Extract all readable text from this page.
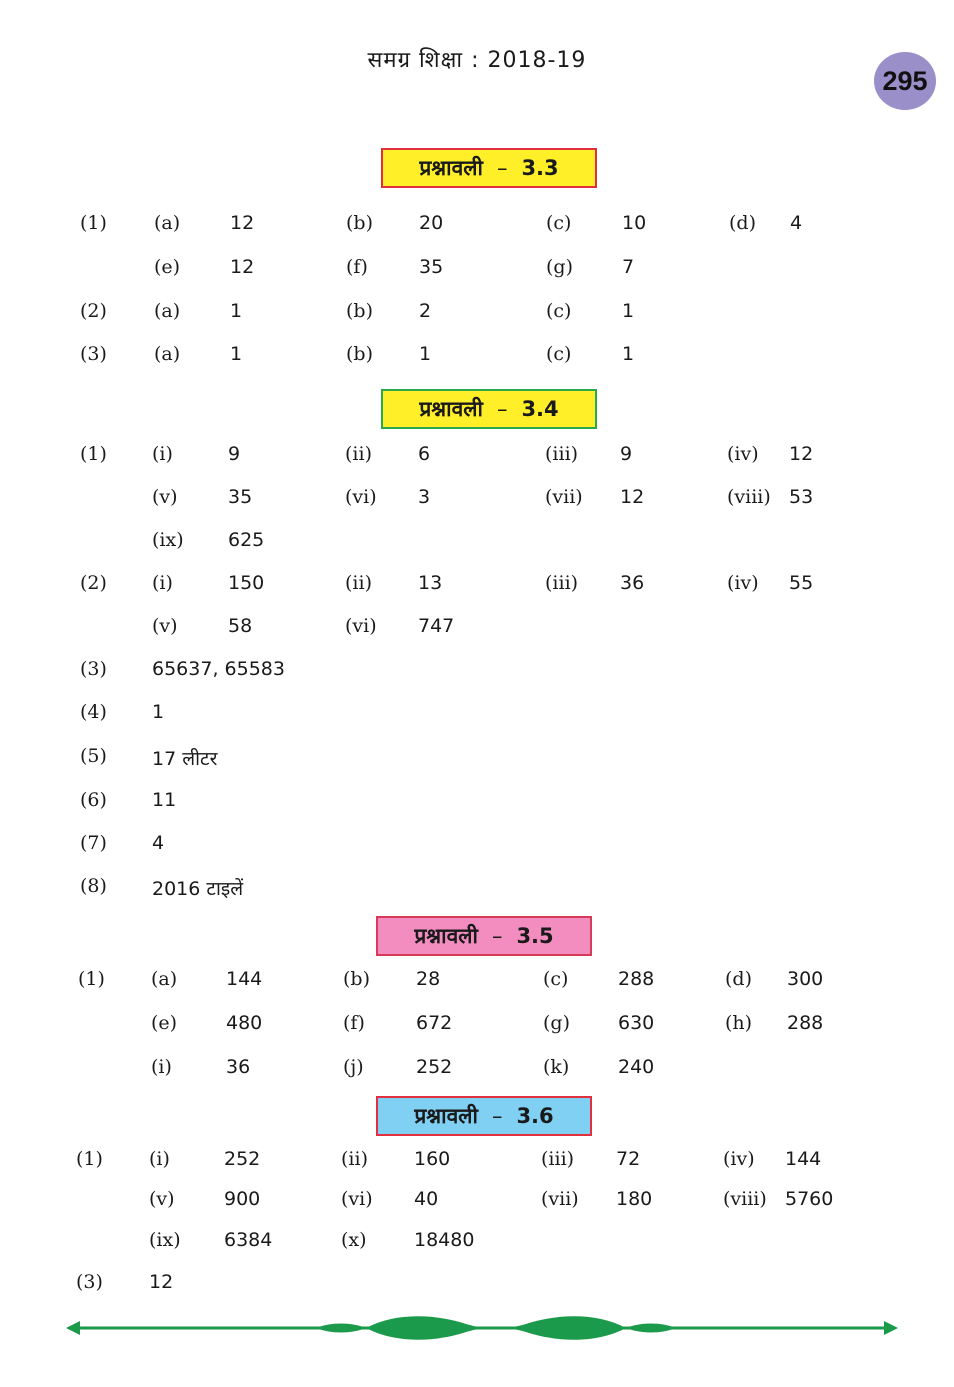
समग्र शिक्षा : 2018-19
295
प्रश्नावली – 3.3
प्रश्नावली – 3.4
प्रश्नावली – 3.5
प्रश्नावली – 3.6
(1) (a)	12	(b) 20	(c)	10	(d) 4
(e)	12	(f)	35	(g)	7
(2) (a)	1	(b) 2	(c)	1
(3) (a)	1	(b) 1	(c)	1
(1) (i)	9	(ii) 6	(iii) 9	(iv) 12
(v)	35	(vi) 3	(vii) 12	(viii) 53
(ix) 625
(2) (i)	150	(ii) 13	(iii) 36	(iv) 55
(v)	58	(vi) 747
(3) 65637, 65583
(4) 1
(5) 17 लीटर
(6) 11
(7) 4
(8) 2016 टाइलें
(1) (a)	144	(b) 28	(c)	288	(d) 300
(e)	480	(f)	672	(g)	630	(h) 288
(i)	36	(j)	252	(k)	240
(1) (i)	252	(ii) 160	(iii) 72	(iv) 144
(v)	900	(vi) 40	(vii) 180	(viii) 5760
(ix) 6384	(x) 18480
(3) 12
